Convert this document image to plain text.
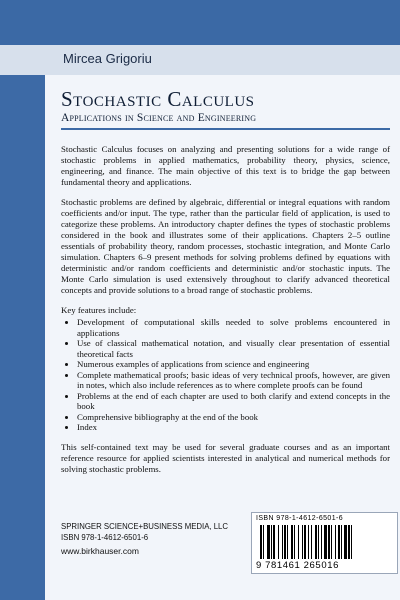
Mircea Grigoriu
Stochastic Calculus
Applications in Science and Engineering

Stochastic Calculus focuses on analyzing and presenting solutions for a wide range of stochastic problems in applied mathematics, probability theory, physics, science, engineering, and finance. The main objective of this text is to bridge the gap between fundamental theory and applications.

Stochastic problems are defined by algebraic, differential or integral equations with random coefficients and/or input. The type, rather than the particular field of application, is used to categorize these problems. An introductory chapter defines the types of stochastic problems considered in the book and illustrates some of their applications. Chapters 2–5 outline essentials of probability theory, random processes, stochastic integration, and Monte Carlo simulation. Chapters 6–9 present methods for solving problems defined by equations with deterministic and/or random coefficients and deterministic and/or stochastic inputs. The Monte Carlo simulation is used extensively throughout to clarify advanced theoretical concepts and provide solutions to a broad range of stochastic problems.

Key features include:

• Development of computational skills needed to solve problems encountered in applications
• Use of classical mathematical notation, and visually clear presentation of essential theoretical facts
• Numerous examples of applications from science and engineering
• Complete mathematical proofs; basic ideas of very technical proofs, however, are given in notes, which also include references as to where complete proofs can be found
• Problems at the end of each chapter are used to both clarify and extend concepts in the book
• Comprehensive bibliography at the end of the book
• Index

This self-contained text may be used for several graduate courses and as an important reference resource for applied scientists interested in analytical and numerical methods for solving stochastic problems.

SPRINGER SCIENCE+BUSINESS MEDIA, LLC
ISBN 978-1-4612-6501-6
www.birkhauser.com
ISBN 978-1-4612-6501-6
9 781461 265016
